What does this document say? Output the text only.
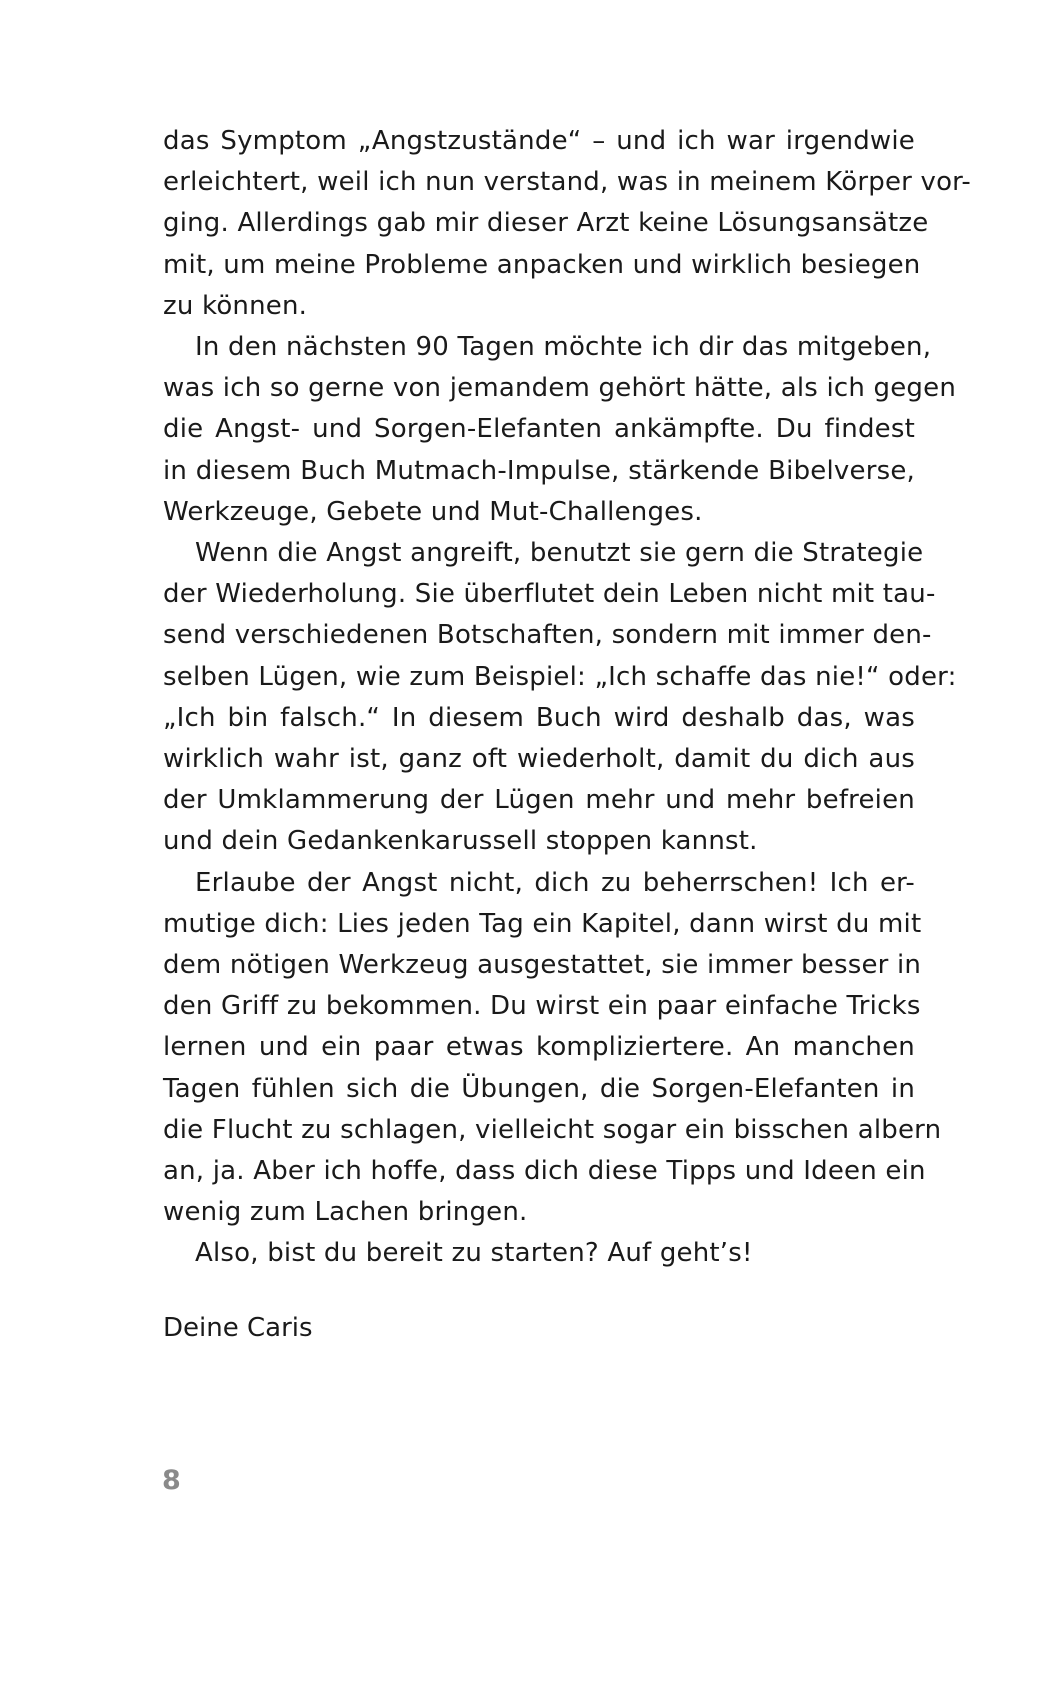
das Symptom „Angstzustände“ – und ich war irgendwie
erleichtert, weil ich nun verstand, was in meinem Körper vor-
ging. Allerdings gab mir dieser Arzt keine Lösungsansätze
mit, um meine Probleme anpacken und wirklich besiegen
zu können.
In den nächsten 90 Tagen möchte ich dir das mitgeben,
was ich so gerne von jemandem gehört hätte, als ich gegen
die Angst- und Sorgen-Elefanten ankämpfte. Du findest
in diesem Buch Mutmach-Impulse, stärkende Bibelverse,
Werkzeuge, Gebete und Mut-Challenges.
Wenn die Angst angreift, benutzt sie gern die Strategie
der Wiederholung. Sie überflutet dein Leben nicht mit tau-
send verschiedenen Botschaften, sondern mit immer den-
selben Lügen, wie zum Beispiel: „Ich schaffe das nie!“ oder:
„Ich bin falsch.“ In diesem Buch wird deshalb das, was
wirklich wahr ist, ganz oft wiederholt, damit du dich aus
der Umklammerung der Lügen mehr und mehr befreien
und dein Gedankenkarussell stoppen kannst.
Erlaube der Angst nicht, dich zu beherrschen! Ich er-
mutige dich: Lies jeden Tag ein Kapitel, dann wirst du mit
dem nötigen Werkzeug ausgestattet, sie immer besser in
den Griff zu bekommen. Du wirst ein paar einfache Tricks
lernen und ein paar etwas kompliziertere. An manchen
Tagen fühlen sich die Übungen, die Sorgen-Elefanten in
die Flucht zu schlagen, vielleicht sogar ein bisschen albern
an, ja. Aber ich hoffe, dass dich diese Tipps und Ideen ein
wenig zum Lachen bringen.
Also, bist du bereit zu starten? Auf geht’s!
Deine Caris
8
